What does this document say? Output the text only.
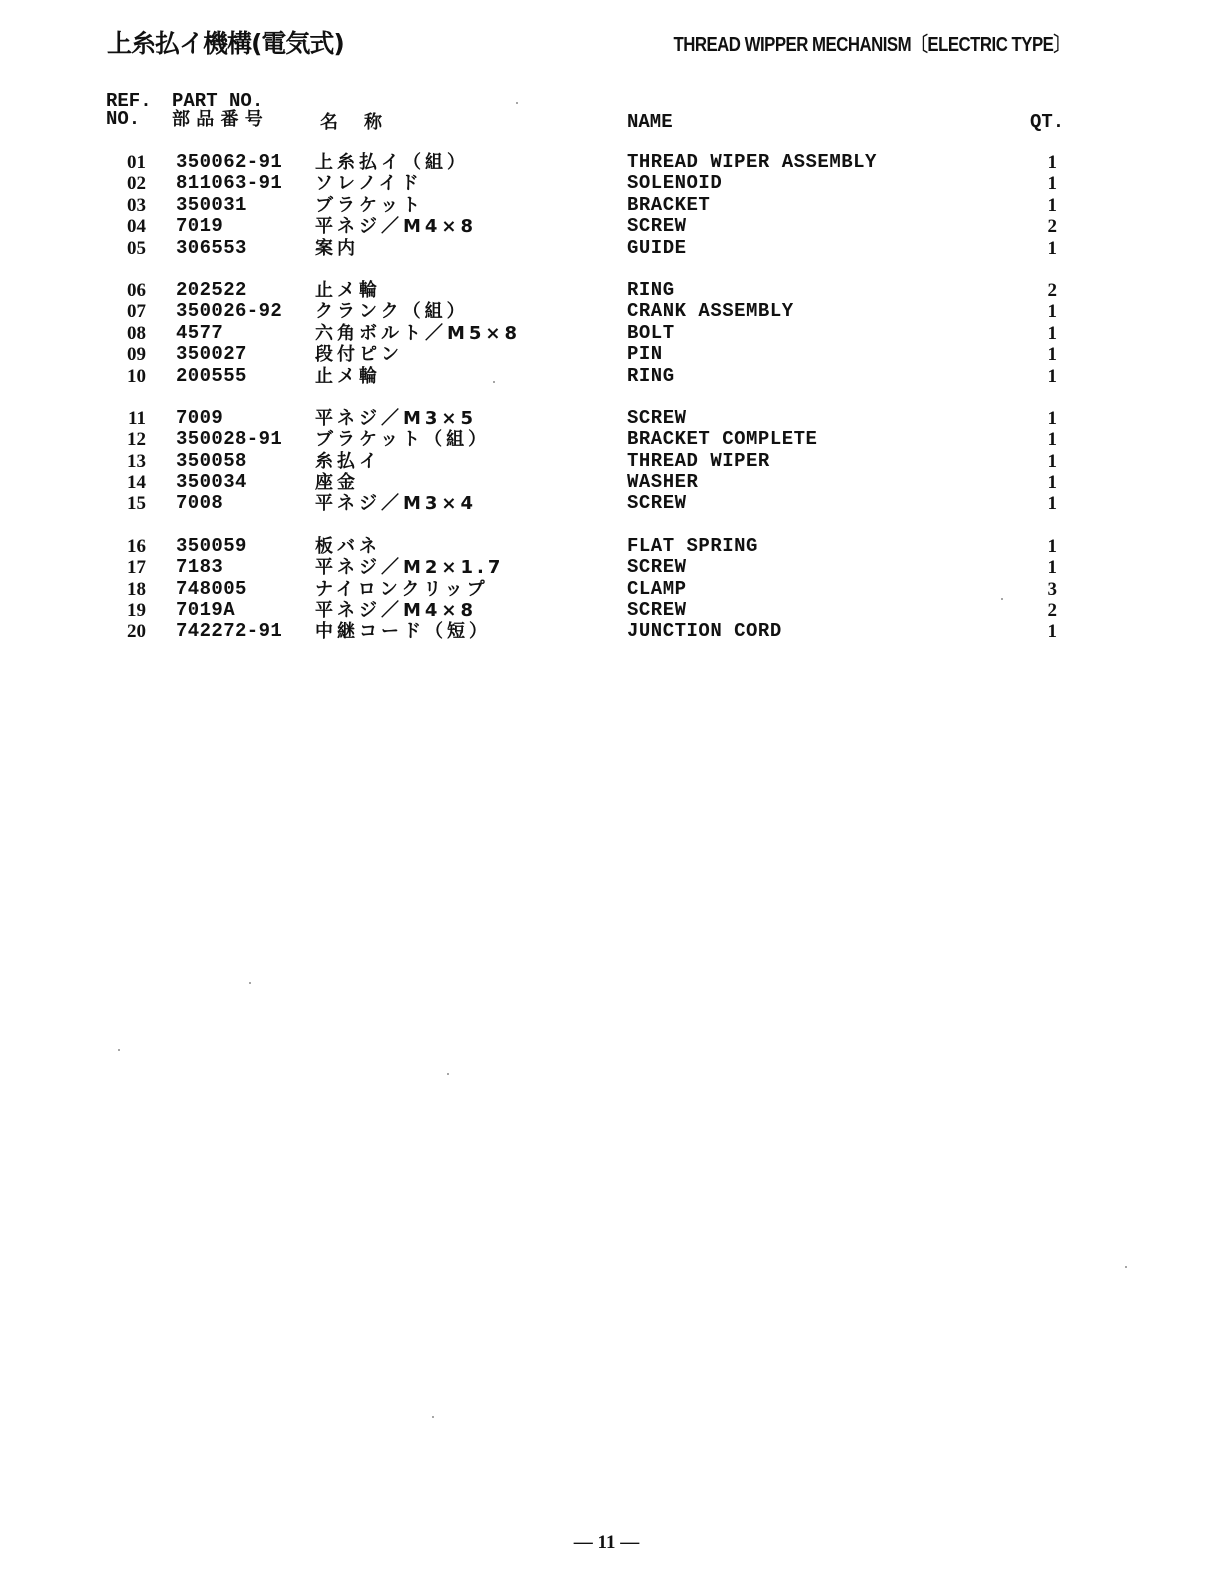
上糸払イ機構(電気式)	THREAD WIPPER MECHANISM〔ELECTRIC TYPE〕
REF.
NO.
PART NO.
部 品 番 号	名　称	NAME	QT.
01 350062-91 上糸払イ（組）	THREAD WIPER ASSEMBLY	1
02 811063-91 ソレノイド	SOLENOID	1
03 350031	ブラケット	BRACKET	1
04 7019	平ネジ／M4×8	SCREW	2
05 306553	案内	GUIDE	1
06 202522	止メ輪	RING	2
07 350026-92 クランク（組）	CRANK ASSEMBLY	1
08 4577	六角ボルト／M5×8	BOLT	1
09 350027	段付ピン	PIN	1
10 200555	止メ輪	RING	1
11 7009	平ネジ／M3×5	SCREW	1
12 350028-91 ブラケット（組）	BRACKET COMPLETE	1
13 350058	糸払イ	THREAD WIPER	1
14 350034	座金	WASHER	1
15 7008	平ネジ／M3×4	SCREW	1
16 350059	板バネ	FLAT SPRING	1
17 7183	平ネジ／M2×1.7	SCREW	1
18 748005	ナイロンクリップ	CLAMP	3
19 7019A	平ネジ／M4×8	SCREW	2
20 742272-91 中継コード（短）	JUNCTION CORD	1
— 11 —
